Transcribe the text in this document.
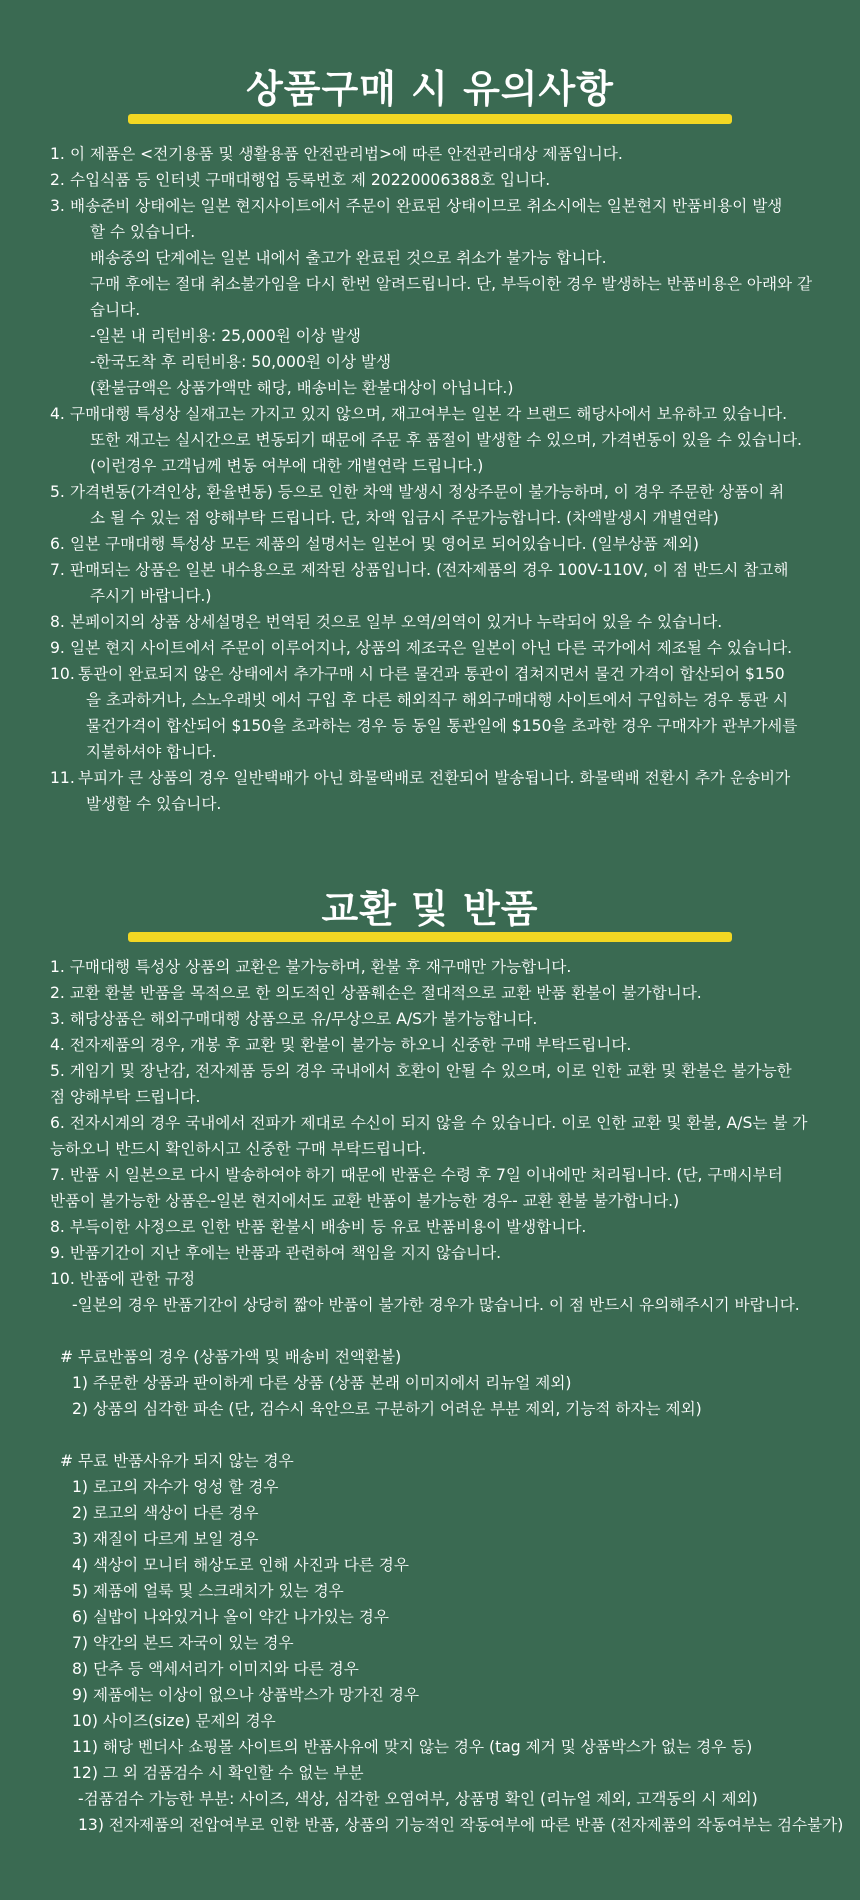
상품구매 시 유의사항
1. 이 제품은 <전기용품 및 생활용품 안전관리법>에 따른 안전관리대상 제품입니다.
2. 수입식품 등 인터넷 구매대행업 등록번호 제 20220006388호 입니다.
3. 배송준비 상태에는 일본 현지사이트에서 주문이 완료된 상태이므로 취소시에는 일본현지 반품비용이 발생
할 수 있습니다.
배송중의 단계에는 일본 내에서 출고가 완료된 것으로 취소가 불가능 합니다.
구매 후에는 절대 취소불가임을 다시 한번 알려드립니다. 단, 부득이한 경우 발생하는 반품비용은 아래와 같
습니다.
-일본 내 리턴비용: 25,000원 이상 발생
-한국도착 후 리턴비용: 50,000원 이상 발생
(환불금액은 상품가액만 해당, 배송비는 환불대상이 아닙니다.)
4. 구매대행 특성상 실재고는 가지고 있지 않으며, 재고여부는 일본 각 브랜드 해당사에서 보유하고 있습니다.
또한 재고는 실시간으로 변동되기 때문에 주문 후 품절이 발생할 수 있으며, 가격변동이 있을 수 있습니다.
(이런경우 고객님께 변동 여부에 대한 개별연락 드립니다.)
5. 가격변동(가격인상, 환율변동) 등으로 인한 차액 발생시 정상주문이 불가능하며, 이 경우 주문한 상품이 취
소 될 수 있는 점 양해부탁 드립니다. 단, 차액 입금시 주문가능합니다. (차액발생시 개별연락)
6. 일본 구매대행 특성상 모든 제품의 설명서는 일본어 및 영어로 되어있습니다. (일부상품 제외)
7. 판매되는 상품은 일본 내수용으로 제작된 상품입니다. (전자제품의 경우 100V-110V, 이 점 반드시 참고해
주시기 바랍니다.)
8. 본페이지의 상품 상세설명은 번역된 것으로 일부 오역/의역이 있거나 누락되어 있을 수 있습니다.
9. 일본 현지 사이트에서 주문이 이루어지나, 상품의 제조국은 일본이 아닌 다른 국가에서 제조될 수 있습니다.
10. 통관이 완료되지 않은 상태에서 추가구매 시 다른 물건과 통관이 겹쳐지면서 물건 가격이 합산되어 $150
을 초과하거나, 스노우래빗 에서 구입 후 다른 해외직구 해외구매대행 사이트에서 구입하는 경우 통관 시
물건가격이 합산되어 $150을 초과하는 경우 등 동일 통관일에 $150을 초과한 경우 구매자가 관부가세를
지불하셔야 합니다.
11. 부피가 큰 상품의 경우 일반택배가 아닌 화물택배로 전환되어 발송됩니다. 화물택배 전환시 추가 운송비가
발생할 수 있습니다.
교환 및 반품
1. 구매대행 특성상 상품의 교환은 불가능하며, 환불 후 재구매만 가능합니다.
2. 교환 환불 반품을 목적으로 한 의도적인 상품훼손은 절대적으로 교환 반품 환불이 불가합니다.
3. 해당상품은 해외구매대행 상품으로 유/무상으로 A/S가 불가능합니다.
4. 전자제품의 경우, 개봉 후 교환 및 환불이 불가능 하오니 신중한 구매 부탁드립니다.
5. 게임기 및 장난감, 전자제품 등의 경우 국내에서 호환이 안될 수 있으며, 이로 인한 교환 및 환불은 불가능한
점 양해부탁 드립니다.
6. 전자시계의 경우 국내에서 전파가 제대로 수신이 되지 않을 수 있습니다. 이로 인한 교환 및 환불, A/S는 불 가
능하오니 반드시 확인하시고 신중한 구매 부탁드립니다.
7. 반품 시 일본으로 다시 발송하여야 하기 때문에 반품은 수령 후 7일 이내에만 처리됩니다. (단, 구매시부터
반품이 불가능한 상품은-일본 현지에서도 교환 반품이 불가능한 경우- 교환 환불 불가합니다.)
8. 부득이한 사정으로 인한 반품 환불시 배송비 등 유료 반품비용이 발생합니다.
9. 반품기간이 지난 후에는 반품과 관련하여 책임을 지지 않습니다.
10. 반품에 관한 규정
-일본의 경우 반품기간이 상당히 짧아 반품이 불가한 경우가 많습니다. 이 점 반드시 유의해주시기 바랍니다.
# 무료반품의 경우 (상품가액 및 배송비 전액환불)
1) 주문한 상품과 판이하게 다른 상품 (상품 본래 이미지에서 리뉴얼 제외)
2) 상품의 심각한 파손 (단, 검수시 육안으로 구분하기 어려운 부분 제외, 기능적 하자는 제외)
# 무료 반품사유가 되지 않는 경우
1) 로고의 자수가 엉성 할 경우
2) 로고의 색상이 다른 경우
3) 재질이 다르게 보일 경우
4) 색상이 모니터 해상도로 인해 사진과 다른 경우
5) 제품에 얼룩 및 스크래치가 있는 경우
6) 실밥이 나와있거나 올이 약간 나가있는 경우
7) 약간의 본드 자국이 있는 경우
8) 단추 등 액세서리가 이미지와 다른 경우
9) 제품에는 이상이 없으나 상품박스가 망가진 경우
10) 사이즈(size) 문제의 경우
11) 해당 벤더사 쇼핑몰 사이트의 반품사유에 맞지 않는 경우 (tag 제거 및 상품박스가 없는 경우 등)
12) 그 외 검품검수 시 확인할 수 없는 부분
-검품검수 가능한 부분: 사이즈, 색상, 심각한 오염여부, 상품명 확인 (리뉴얼 제외, 고객동의 시 제외)
13) 전자제품의 전압여부로 인한 반품, 상품의 기능적인 작동여부에 따른 반품 (전자제품의 작동여부는 검수불가)
